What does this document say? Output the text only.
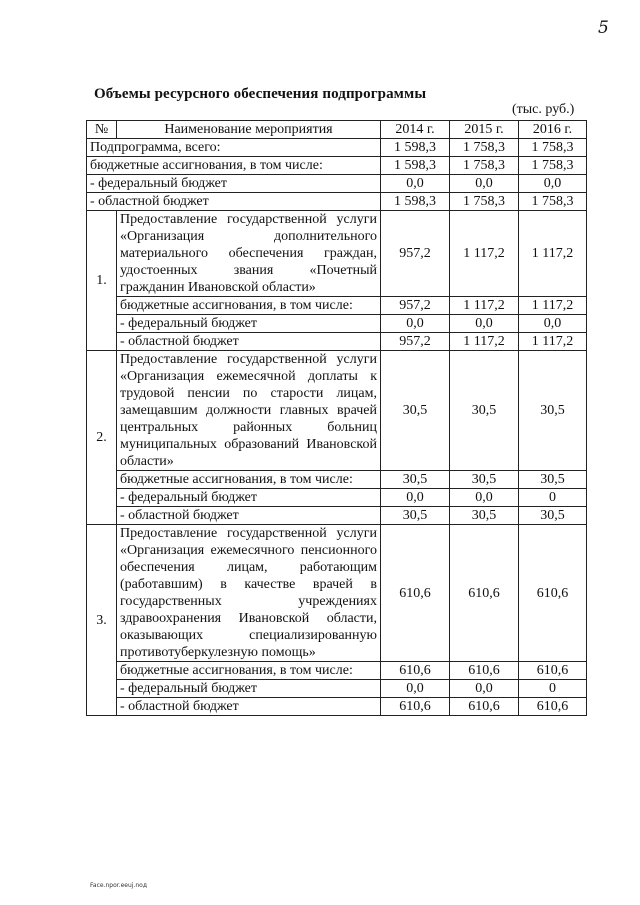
5
Объемы ресурсного обеспечения подпрограммы
(тыс. руб.)
№	Наименование мероприятия	2014 г.	2015 г.	2016 г.
Подпрограмма, всего:		1 598,3	1 758,3	1 758,3
бюджетные ассигнования, в том числе:		1 598,3	1 758,3	1 758,3
- федеральный бюджет		0,0	0,0	0,0
- областной бюджет		1 598,3	1 758,3	1 758,3
1.	Предоставление государственной услуги «Организация дополнительного материального обеспечения граждан, удостоенных звания «Почетный гражданин Ивановской области»	957,2	1 117,2	1 117,2
	бюджетные ассигнования, в том числе:	957,2	1 117,2	1 117,2
	- федеральный бюджет	0,0	0,0	0,0
	- областной бюджет	957,2	1 117,2	1 117,2
2.	Предоставление государственной услуги «Организация ежемесячной доплаты к трудовой пенсии по старости лицам, замещавшим должности главных врачей центральных районных больниц муниципальных образований Ивановской области»	30,5	30,5	30,5
	бюджетные ассигнования, в том числе:	30,5	30,5	30,5
	- федеральный бюджет	0,0	0,0	0
	- областной бюджет	30,5	30,5	30,5
3.	Предоставление государственной услуги «Организация ежемесячного пенсионного обеспечения лицам, работающим (работавшим) в качестве врачей в государственных учреждениях здравоохранения Ивановской области, оказывающих специализированную противотуберкулезную помощь»	610,6	610,6	610,6
	бюджетные ассигнования, в том числе:	610,6	610,6	610,6
	- федеральный бюджет	0,0	0,0	0
	- областной бюджет	610,6	610,6	610,6
Face.npor.eeuj.noд
